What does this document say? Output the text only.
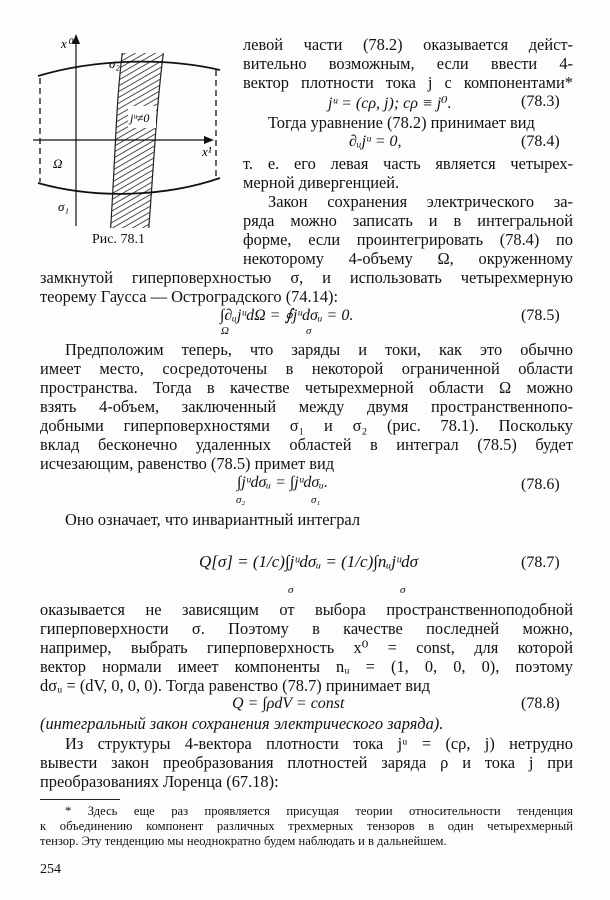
x⁰
x¹
σ₂
σ₁
Ω
jᵘ≠0
Рис. 78.1
левой части (78.2) оказывается дейст-
вительно возможным, если ввести 4-
вектор плотности тока j с компонентами*
jᵘ = (cρ, j); cρ ≡ j⁰.	(78.3)
Тогда уравнение (78.2) принимает вид
∂ᵤjᵘ = 0,	(78.4)
т. е. его левая часть является четырех-
мерной дивергенцией.
Закон сохранения электрического за-
ряда можно записать и в интегральной
форме, если проинтегрировать (78.4) по
некоторому 4-объему Ω, окруженному
замкнутой гиперповерхностью σ, и использовать четырехмерную
теорему Гаусса — Остроградского (74.14):
∫∂ᵤjᵘdΩ = ∮jᵘdσᵤ = 0.
Ω	σ
(78.5)
Предположим теперь, что заряды и токи, как это обычно
имеет место, сосредоточены в некоторой ограниченной области
пространства. Тогда в качестве четырехмерной области Ω можно
взять 4-объем, заключенный между двумя пространственнопо-
добными гиперповерхностями σ₁ и σ₂ (рис. 78.1). Поскольку
вклад бесконечно удаленных областей в интеграл (78.5) будет
исчезающим, равенство (78.5) примет вид
∫jᵘdσᵤ = ∫jᵘdσᵤ.
σ₂	σ₁
(78.6)
Оно означает, что инвариантный интеграл
Q[σ] = (1/c)∫jᵘdσᵤ = (1/c)∫nᵤjᵘdσ
σ	σ
(78.7)
оказывается не зависящим от выбора пространственноподобной
гиперповерхности σ. Поэтому в качестве последней можно,
например, выбрать гиперповерхность x⁰ = const, для которой
вектор нормали имеет компоненты nᵤ = (1, 0, 0, 0), поэтому
dσᵤ = (dV, 0, 0, 0). Тогда равенство (78.7) принимает вид
Q = ∫ρdV = const	(78.8)
(интегральный закон сохранения электрического заряда).
Из структуры 4-вектора плотности тока jᵘ = (cρ, j) нетрудно
вывести закон преобразования плотностей заряда ρ и тока j при
преобразованиях Лоренца (67.18):
* Здесь еще раз проявляется присущая теории относительности тенденция
к объединению компонент различных трехмерных тензоров в один четырехмерный
тензор. Эту тенденцию мы неоднократно будем наблюдать и в дальнейшем.
254
